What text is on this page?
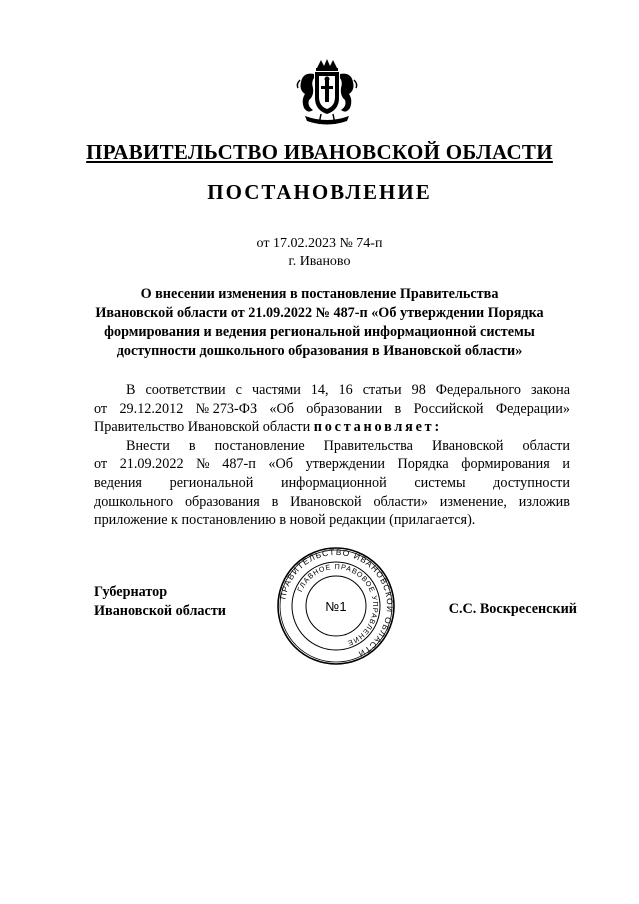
ПРАВИТЕЛЬСТВО ИВАНОВСКОЙ ОБЛАСТИ
ПОСТАНОВЛЕНИЕ
от 17.02.2023 № 74-п
г. Иваново
О внесении изменения в постановление Правительства
Ивановской области от 21.09.2022 № 487-п «Об утверждении Порядка
формирования и ведения региональной информационной системы
доступности дошкольного образования в Ивановской области»
В соответствии с частями 14, 16 статьи 98 Федерального закона
от 29.12.2012 № 273-ФЗ «Об образовании в Российской Федерации»
Правительство Ивановской области постановляет:
Внести в постановление Правительства Ивановской области
от 21.09.2022 № 487-п «Об утверждении Порядка формирования и
ведения региональной информационной системы доступности
дошкольного образования в Ивановской области» изменение, изложив
приложение к постановлению в новой редакции (прилагается).
Губернатор
Ивановской области	С.С. Воскресенский
ПРАВИТЕЛЬСТВО ИВАНОВСКОЙ ОБЛАСТИ
ГЛАВНОЕ ПРАВОВОЕ УПРАВЛЕНИЕ
№1
